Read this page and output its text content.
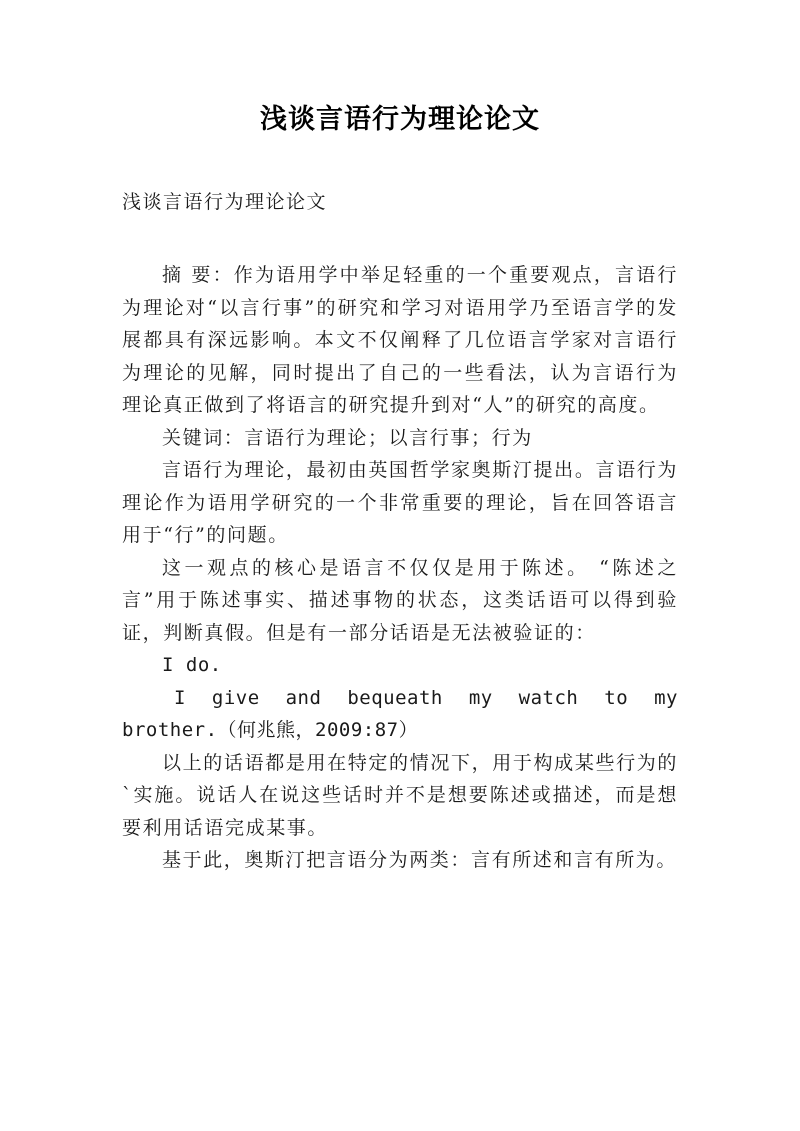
浅谈言语行为理论论文
浅谈言语行为理论论文

摘 要：作为语用学中举足轻重的一个重要观点，言语行为理论对“以言行事”的研究和学习对语用学乃至语言学的发展都具有深远影响。本文不仅阐释了几位语言学家对言语行为理论的见解，同时提出了自己的一些看法，认为言语行为理论真正做到了将语言的研究提升到对“人”的研究的高度。

关键词：言语行为理论；以言行事；行为

言语行为理论，最初由英国哲学家奥斯汀提出。言语行为理论作为语用学研究的一个非常重要的理论，旨在回答语言用于“行”的问题。

这一观点的核心是语言不仅仅是用于陈述。 “陈述之言”用于陈述事实、描述事物的状态，这类话语可以得到验证，判断真假。但是有一部分话语是无法被验证的：

I do.

I give and bequeath my watch to my brother.（何兆熊，2009:87）

以上的话语都是用在特定的情况下，用于构成某些行为的`实施。说话人在说这些话时并不是想要陈述或描述，而是想要利用话语完成某事。

基于此，奥斯汀把言语分为两类：言有所述和言有所为。
